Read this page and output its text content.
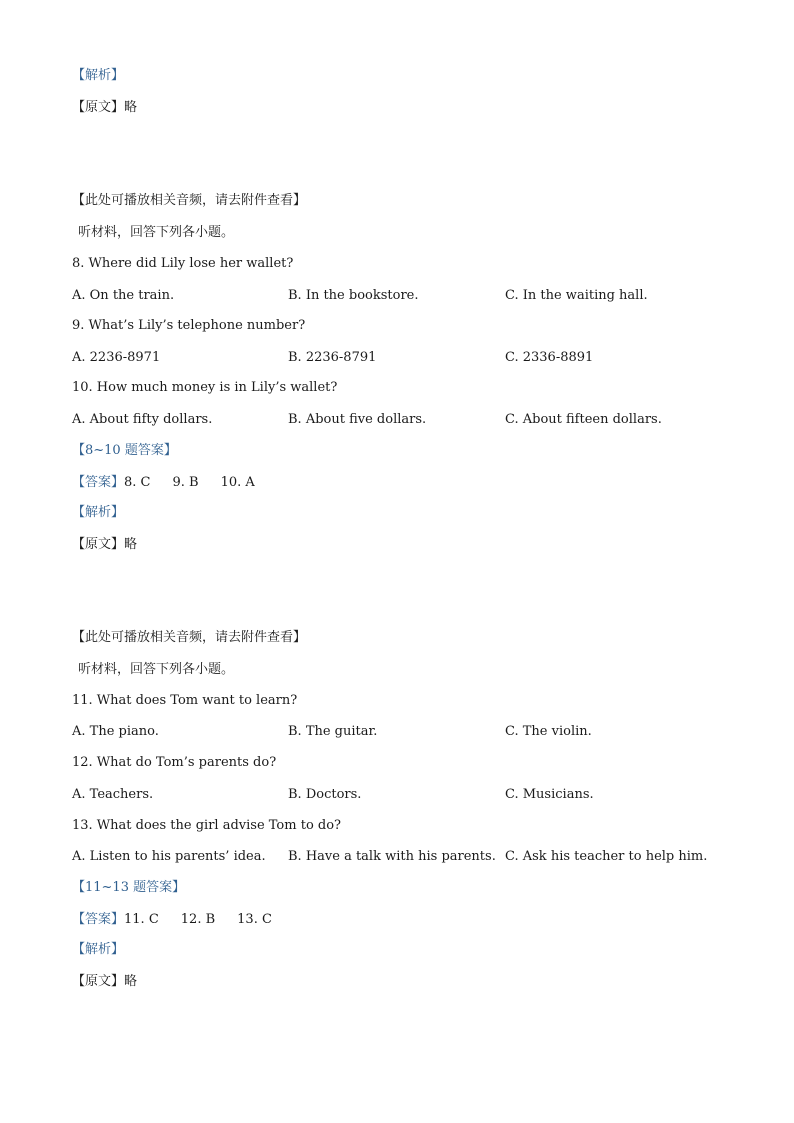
【解析】
【原文】略
【此处可播放相关音频，请去附件查看】
听材料，回答下列各小题。
8. Where did Lily lose her wallet?
A. On the train.	B. In the bookstore.	C. In the waiting hall.
9. What’s Lily’s telephone number?
A. 2236-8971	B. 2236-8791	C. 2336-8891
10. How much money is in Lily’s wallet?
A. About fifty dollars.	B. About five dollars.	C. About fifteen dollars.
【8~10 题答案】
【答案】8. C 9. B 10. A
【解析】
【原文】略
【此处可播放相关音频，请去附件查看】
听材料，回答下列各小题。
11. What does Tom want to learn?
A. The piano.	B. The guitar.	C. The violin.
12. What do Tom’s parents do?
A. Teachers.	B. Doctors.	C. Musicians.
13. What does the girl advise Tom to do?
A. Listen to his parents’ idea. B. Have a talk with his parents. C. Ask his teacher to help him.
【11~13 题答案】
【答案】11. C 12. B 13. C
【解析】
【原文】略
